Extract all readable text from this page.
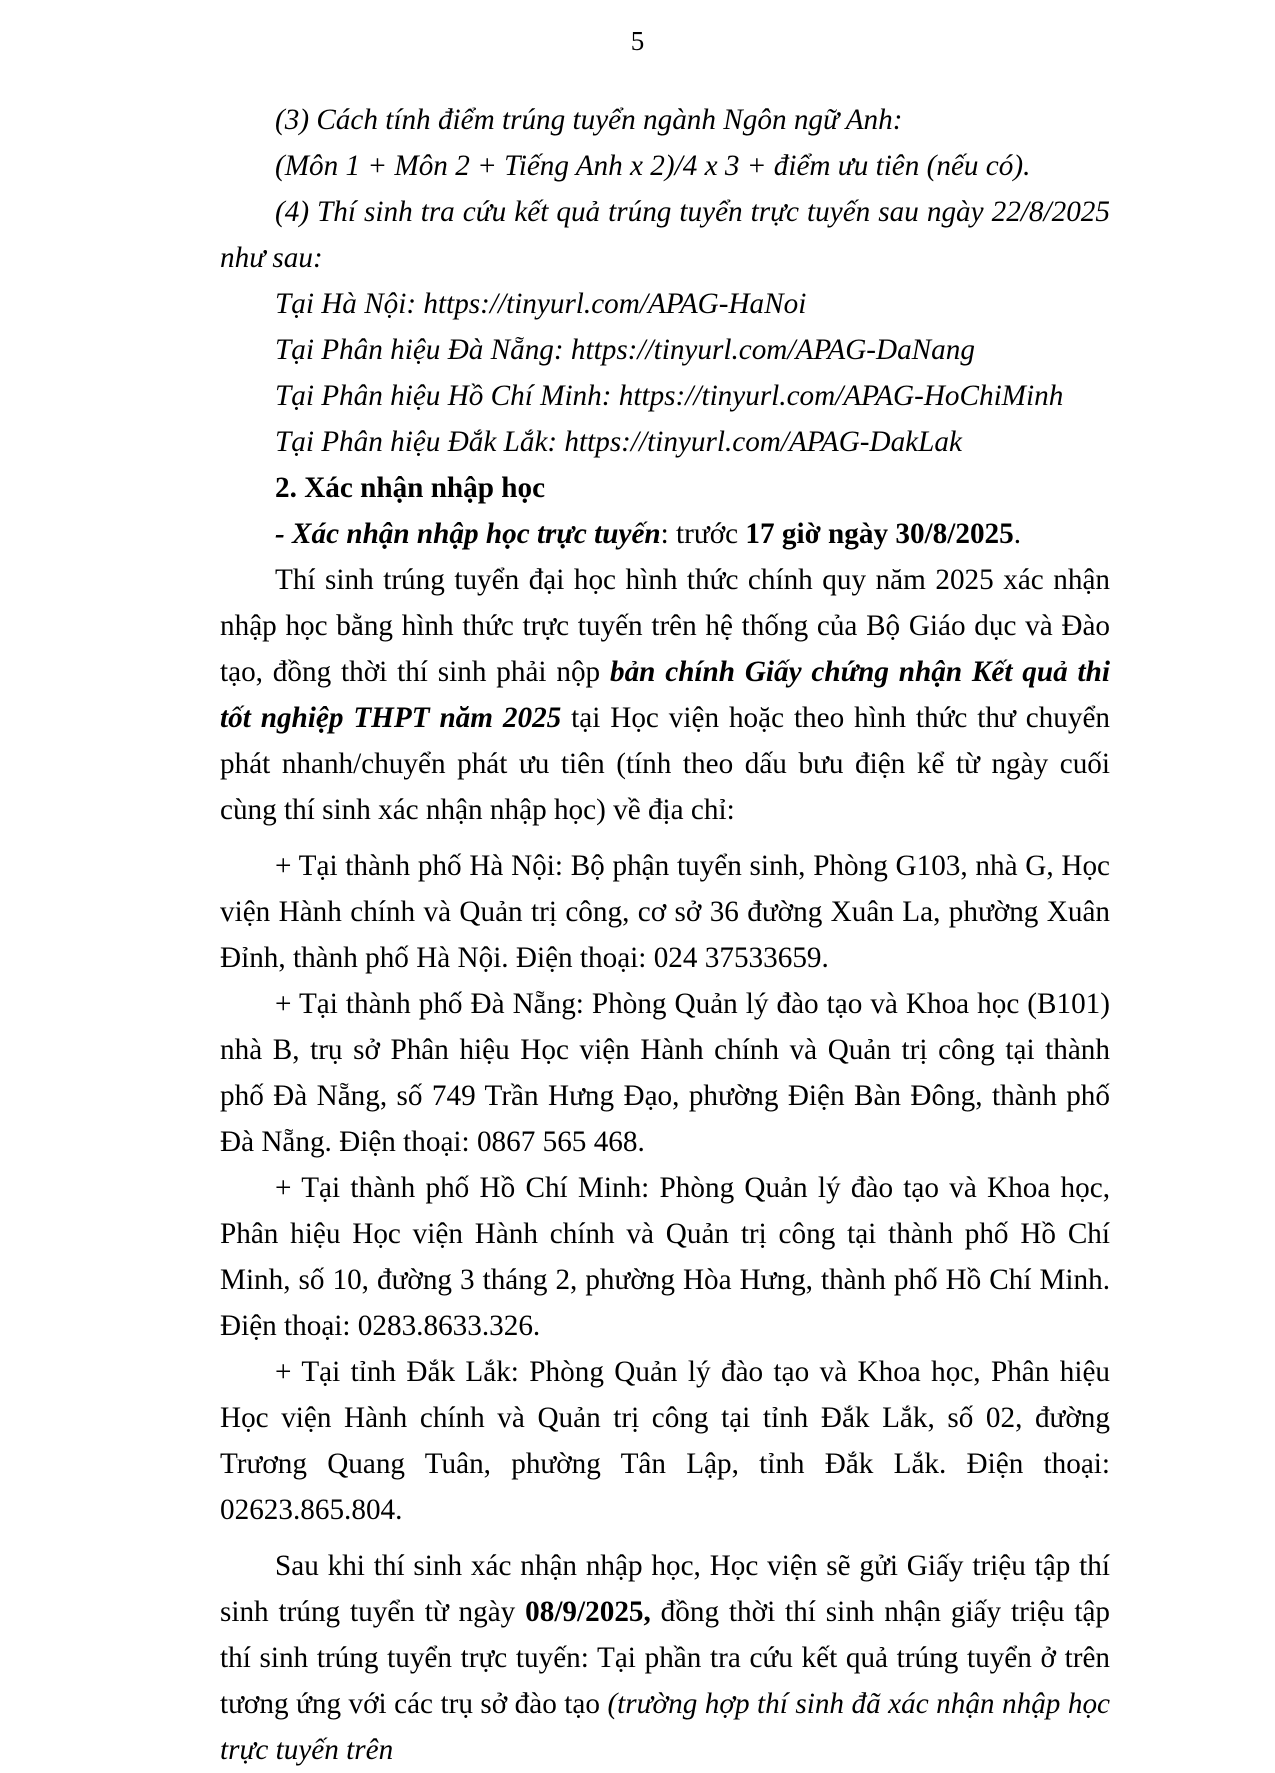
5

(3) Cách tính điểm trúng tuyển ngành Ngôn ngữ Anh:

(Môn 1 + Môn 2 + Tiếng Anh x 2)/4 x 3 + điểm ưu tiên (nếu có).

(4) Thí sinh tra cứu kết quả trúng tuyển trực tuyến sau ngày 22/8/2025 như sau:

Tại Hà Nội: https://tinyurl.com/APAG-HaNoi

Tại Phân hiệu Đà Nẵng: https://tinyurl.com/APAG-DaNang

Tại Phân hiệu Hồ Chí Minh: https://tinyurl.com/APAG-HoChiMinh

Tại Phân hiệu Đắk Lắk: https://tinyurl.com/APAG-DakLak

2. Xác nhận nhập học

- Xác nhận nhập học trực tuyến: trước 17 giờ ngày 30/8/2025.

Thí sinh trúng tuyển đại học hình thức chính quy năm 2025 xác nhận nhập học bằng hình thức trực tuyến trên hệ thống của Bộ Giáo dục và Đào tạo, đồng thời thí sinh phải nộp bản chính Giấy chứng nhận Kết quả thi tốt nghiệp THPT năm 2025 tại Học viện hoặc theo hình thức thư chuyển phát nhanh/chuyển phát ưu tiên (tính theo dấu bưu điện kể từ ngày cuối cùng thí sinh xác nhận nhập học) về địa chỉ:

+ Tại thành phố Hà Nội: Bộ phận tuyển sinh, Phòng G103, nhà G, Học viện Hành chính và Quản trị công, cơ sở 36 đường Xuân La, phường Xuân Đỉnh, thành phố Hà Nội. Điện thoại: 024 37533659.

+ Tại thành phố Đà Nẵng: Phòng Quản lý đào tạo và Khoa học (B101) nhà B, trụ sở Phân hiệu Học viện Hành chính và Quản trị công tại thành phố Đà Nẵng, số 749 Trần Hưng Đạo, phường Điện Bàn Đông, thành phố Đà Nẵng. Điện thoại: 0867 565 468.

+ Tại thành phố Hồ Chí Minh: Phòng Quản lý đào tạo và Khoa học, Phân hiệu Học viện Hành chính và Quản trị công tại thành phố Hồ Chí Minh, số 10, đường 3 tháng 2, phường Hòa Hưng, thành phố Hồ Chí Minh. Điện thoại: 0283.8633.326.

+ Tại tỉnh Đắk Lắk: Phòng Quản lý đào tạo và Khoa học, Phân hiệu Học viện Hành chính và Quản trị công tại tỉnh Đắk Lắk, số 02, đường Trương Quang Tuân, phường Tân Lập, tỉnh Đắk Lắk. Điện thoại: 02623.865.804.

Sau khi thí sinh xác nhận nhập học, Học viện sẽ gửi Giấy triệu tập thí sinh trúng tuyển từ ngày 08/9/2025, đồng thời thí sinh nhận giấy triệu tập thí sinh trúng tuyển trực tuyến: Tại phần tra cứu kết quả trúng tuyển ở trên tương ứng với các trụ sở đào tạo (trường hợp thí sinh đã xác nhận nhập học trực tuyến trên
